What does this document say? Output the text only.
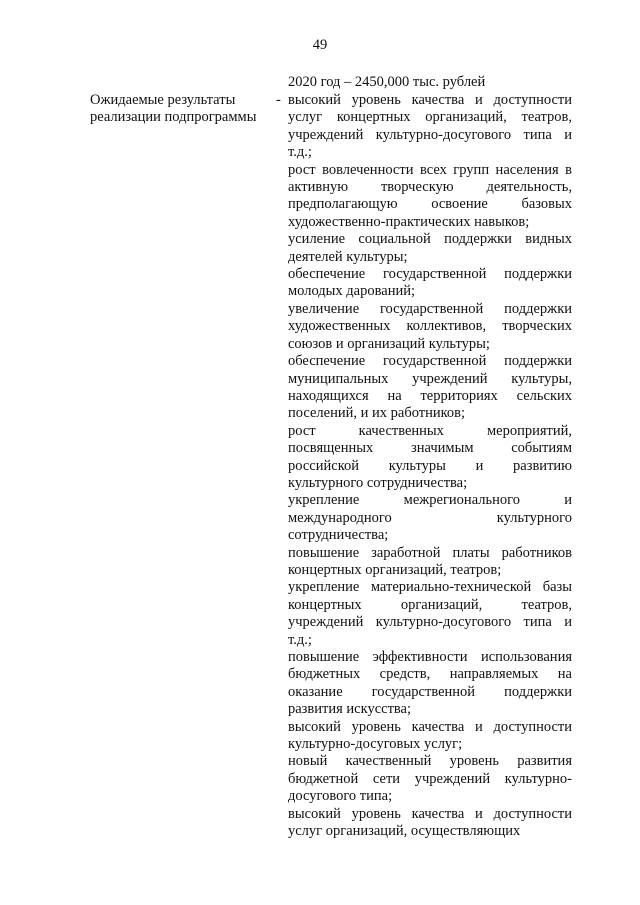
49
2020 год – 2450,000 тыс. рублей
Ожидаемые результаты реализации подпрограммы
- высокий уровень качества и доступности услуг концертных организаций, театров, учреждений культурно-досугового типа и т.д.;
рост вовлеченности всех групп населения в активную творческую деятельность, предполагающую освоение базовых художественно-практических навыков;
усиление социальной поддержки видных деятелей культуры;
обеспечение государственной поддержки молодых дарований;
увеличение государственной поддержки художественных коллективов, творческих союзов и организаций культуры;
обеспечение государственной поддержки муниципальных учреждений культуры, находящихся на территориях сельских поселений, и их работников;
рост качественных мероприятий, посвященных значимым событиям российской культуры и развитию культурного сотрудничества;
укрепление межрегионального и международного культурного сотрудничества;
повышение заработной платы работников концертных организаций, театров;
укрепление материально-технической базы концертных организаций, театров, учреждений культурно-досугового типа и т.д.;
повышение эффективности использования бюджетных средств, направляемых на оказание государственной поддержки развития искусства;
высокий уровень качества и доступности культурно-досуговых услуг;
новый качественный уровень развития бюджетной сети учреждений культурно-досугового типа;
высокий уровень качества и доступности услуг организаций, осуществляющих
